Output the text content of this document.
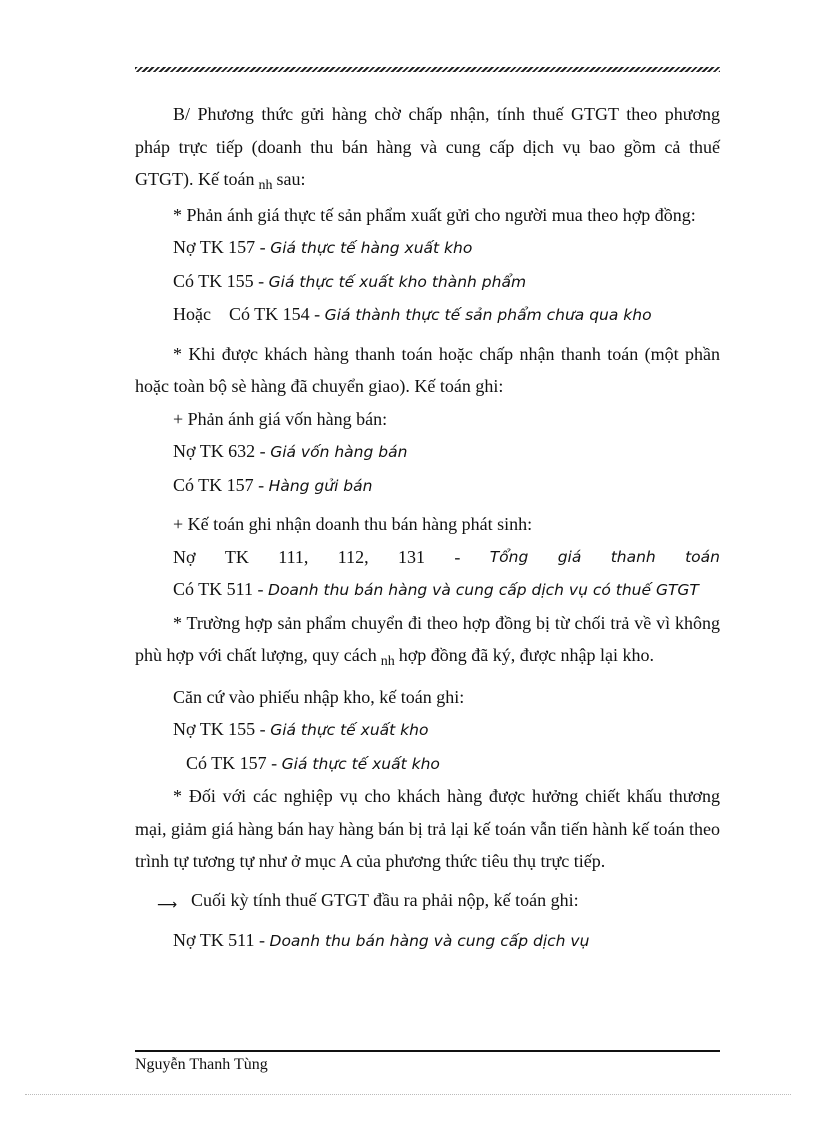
B/ Phương thức gửi hàng chờ chấp nhận, tính thuế GTGT theo phương pháp trực tiếp (doanh thu bán hàng và cung cấp dịch vụ bao gồm cả thuế GTGT). Kế toán $_{nh}$ sau:

* Phản ánh giá thực tế sản phẩm xuất gửi cho người mua theo hợp đồng:

Nợ TK 157 - Giá thực tế hàng xuất kho

Có TK 155 - Giá thực tế xuất kho thành phẩm

Hoặc    Có TK 154 - Giá thành thực tế sản phẩm chưa qua kho

* Khi được khách hàng thanh toán hoặc chấp nhận thanh toán (một phần hoặc toàn bộ sè hàng đã chuyển giao). Kế toán ghi:

+ Phản ánh giá vốn hàng bán:

Nợ TK 632 - Giá vốn hàng bán

Có TK 157 - Hàng gửi bán

+ Kế toán ghi nhận doanh thu bán hàng phát sinh:

Nợ TK 111, 112, 131 - Tổng giá thanh toán

Có TK 511 - Doanh thu bán hàng và cung cấp dịch vụ có thuế GTGT

* Trường hợp sản phẩm chuyển đi theo hợp đồng bị từ chối trả về vì không phù hợp với chất lượng, quy cách $_{nh}$ hợp đồng đã ký, được nhập lại kho.

Căn cứ vào phiếu nhập kho, kế toán ghi:

Nợ TK 155 - Giá thực tế xuất kho

Có TK 157 - Giá thực tế xuất kho

* Đối với các nghiệp vụ cho khách hàng được hưởng chiết khấu thương mại, giảm giá hàng bán hay hàng bán bị trả lại kế toán vẫn tiến hành kế toán theo trình tự tương tự như ở mục A của phương thức tiêu thụ trực tiếp.

⟶ Cuối kỳ tính thuế GTGT đầu ra phải nộp, kế toán ghi:

Nợ TK 511 - Doanh thu bán hàng và cung cấp dịch vụ

Nguyễn Thanh Tùng
